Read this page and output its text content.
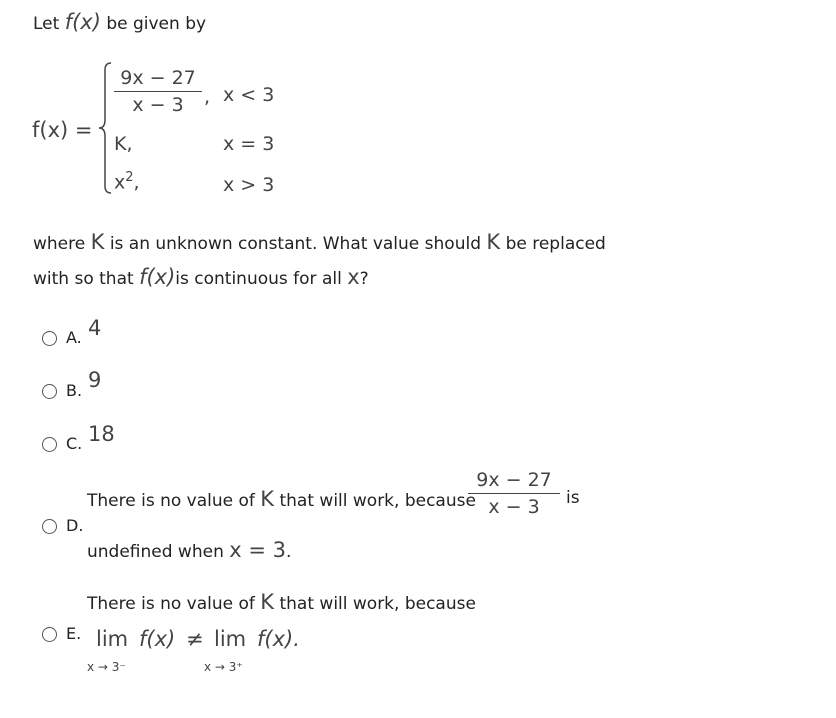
Let f(x) be given by
f(x) =
9x − 27
x − 3	, x < 3
K,	x = 3
$x^2$,	x > 3
where K is an unknown constant. What value should K be replaced
with so that f(x)is continuous for all x?
A. 4
B. 9
C. 18
D.
There is no value of K that will work, because
9x − 27
x − 3	is
undefined when x = 3.
E.
There is no value of K that will work, because
lim f(x) ≠ lim f(x).
x → 3⁻	x → 3⁺
